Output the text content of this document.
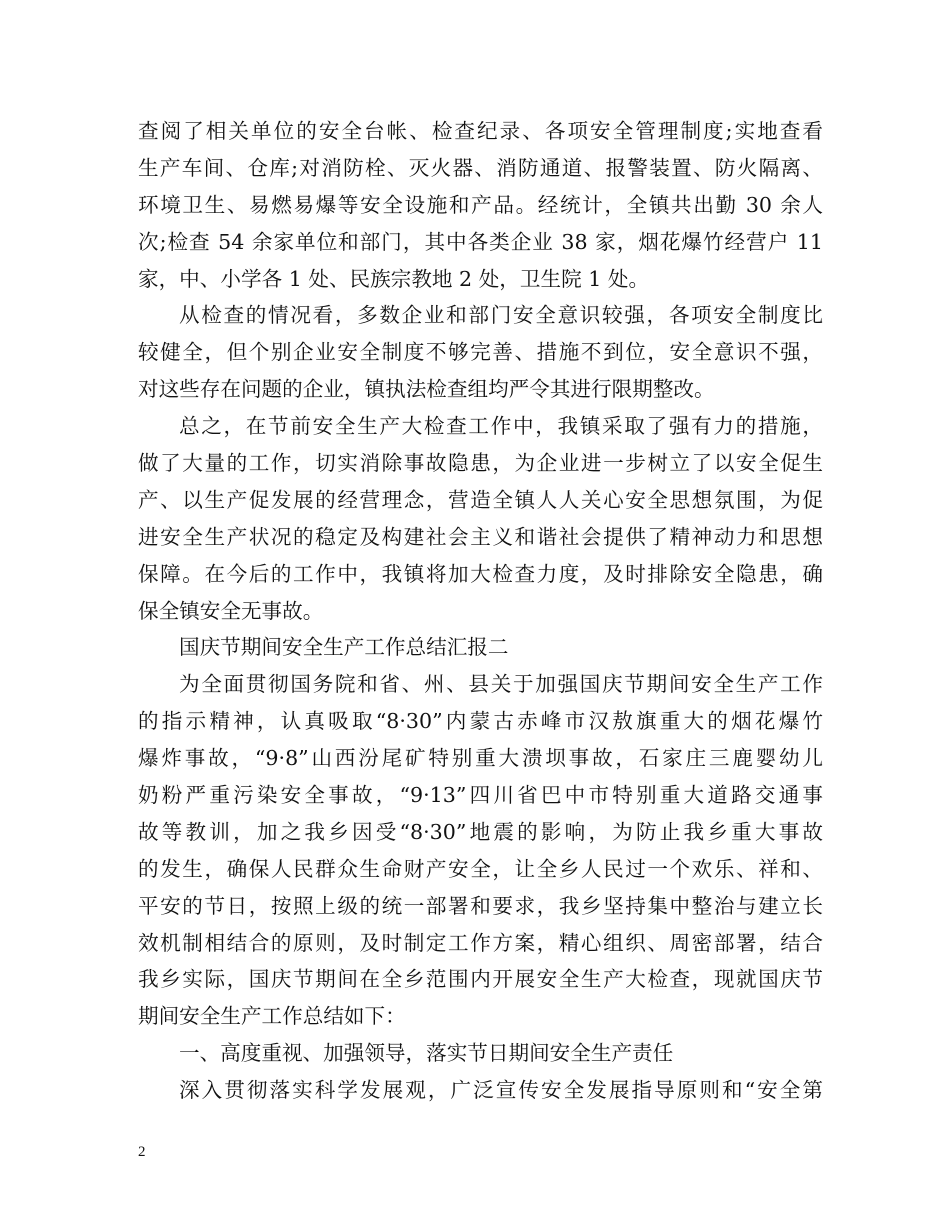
查阅了相关单位的安全台帐、检查纪录、各项安全管理制度;实地查看
生产车间、仓库;对消防栓、灭火器、消防通道、报警装置、防火隔离、
环境卫生、易燃易爆等安全设施和产品。经统计，全镇共出勤 30 余人
次;检查 54 余家单位和部门，其中各类企业 38 家，烟花爆竹经营户 11
家，中、小学各 1 处、民族宗教地 2 处，卫生院 1 处。
从检查的情况看，多数企业和部门安全意识较强，各项安全制度比
较健全，但个别企业安全制度不够完善、措施不到位，安全意识不强，
对这些存在问题的企业，镇执法检查组均严令其进行限期整改。
总之，在节前安全生产大检查工作中，我镇采取了强有力的措施，
做了大量的工作，切实消除事故隐患，为企业进一步树立了以安全促生
产、以生产促发展的经营理念，营造全镇人人关心安全思想氛围，为促
进安全生产状况的稳定及构建社会主义和谐社会提供了精神动力和思想
保障。在今后的工作中，我镇将加大检查力度，及时排除安全隐患，确
保全镇安全无事故。
国庆节期间安全生产工作总结汇报二
为全面贯彻国务院和省、州、县关于加强国庆节期间安全生产工作
的指示精神，认真吸取“8·30”内蒙古赤峰市汉敖旗重大的烟花爆竹
爆炸事故，“9·8”山西汾尾矿特别重大溃坝事故，石家庄三鹿婴幼儿
奶粉严重污染安全事故，“9·13”四川省巴中市特别重大道路交通事
故等教训，加之我乡因受“8·30”地震的影响，为防止我乡重大事故
的发生，确保人民群众生命财产安全，让全乡人民过一个欢乐、祥和、
平安的节日，按照上级的统一部署和要求，我乡坚持集中整治与建立长
效机制相结合的原则，及时制定工作方案，精心组织、周密部署，结合
我乡实际，国庆节期间在全乡范围内开展安全生产大检查，现就国庆节
期间安全生产工作总结如下：
一、高度重视、加强领导，落实节日期间安全生产责任
深入贯彻落实科学发展观，广泛宣传安全发展指导原则和“安全第
2
